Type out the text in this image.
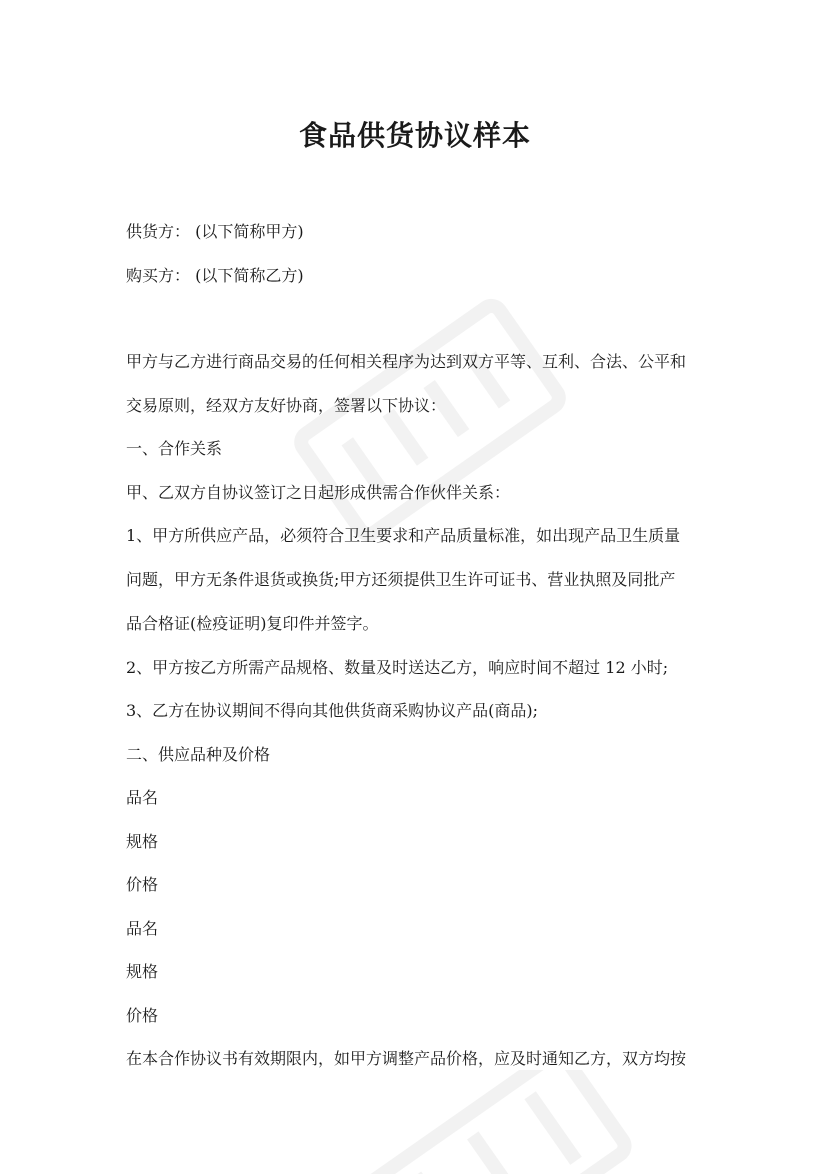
食品供货协议样本
供货方： (以下简称甲方)
购买方： (以下简称乙方)
甲方与乙方进行商品交易的任何相关程序为达到双方平等、互利、合法、公平和
交易原则，经双方友好协商，签署以下协议：
一、合作关系
甲、乙双方自协议签订之日起形成供需合作伙伴关系：
1、甲方所供应产品，必须符合卫生要求和产品质量标准，如出现产品卫生质量
问题，甲方无条件退货或换货;甲方还须提供卫生许可证书、营业执照及同批产
品合格证(检疫证明)复印件并签字。
2、甲方按乙方所需产品规格、数量及时送达乙方，响应时间不超过 12 小时;
3、乙方在协议期间不得向其他供货商采购协议产品(商品);
二、供应品种及价格
品名
规格
价格
品名
规格
价格
在本合作协议书有效期限内，如甲方调整产品价格，应及时通知乙方，双方均按
